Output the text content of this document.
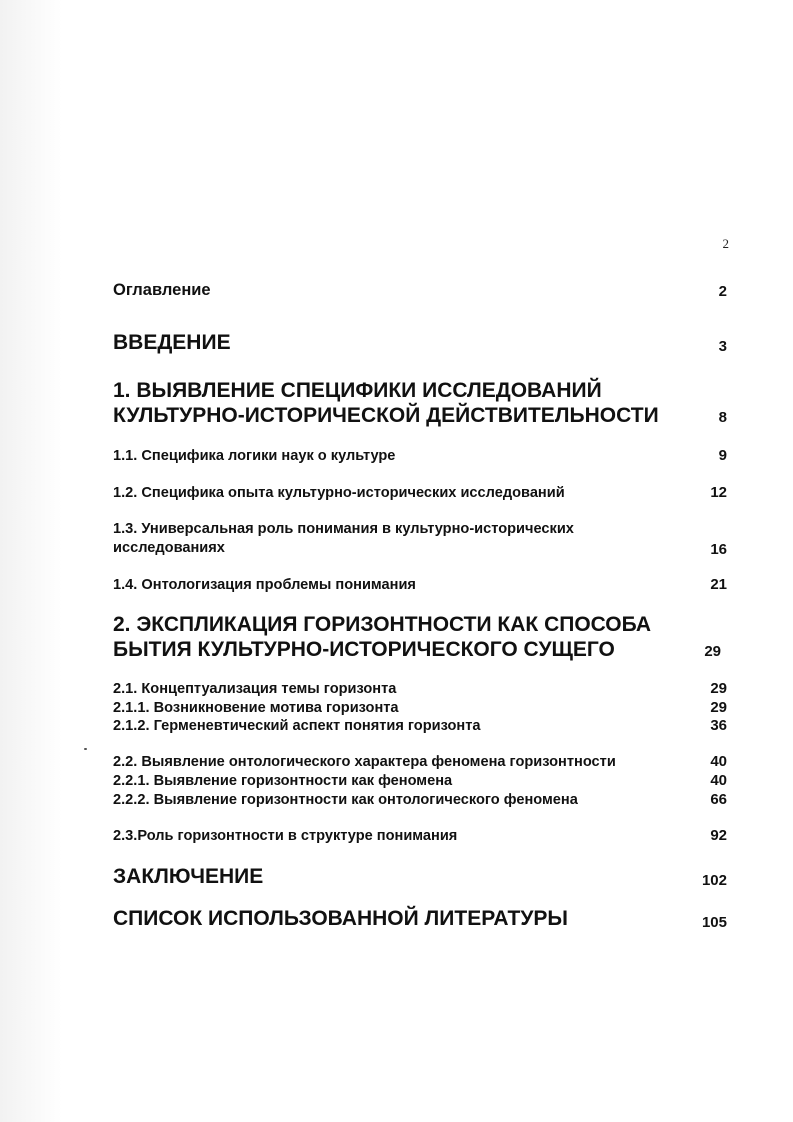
2
Оглавление	2
ВВЕДЕНИЕ	3
1. ВЫЯВЛЕНИЕ СПЕЦИФИКИ ИССЛЕДОВАНИЙ
КУЛЬТУРНО-ИСТОРИЧЕСКОЙ ДЕЙСТВИТЕЛЬНОСТИ	8
1.1. Специфика логики наук о культуре	9
1.2. Специфика опыта культурно-исторических исследований	12
1.3. Универсальная роль понимания в культурно-исторических
исследованиях	16
1.4. Онтологизация проблемы понимания	21
2. ЭКСПЛИКАЦИЯ ГОРИЗОНТНОСТИ КАК СПОСОБА
БЫТИЯ КУЛЬТУРНО-ИСТОРИЧЕСКОГО СУЩЕГО	29
2.1. Концептуализация темы горизонта	29
2.1.1. Возникновение мотива горизонта	29
2.1.2. Герменевтический аспект понятия горизонта	36
2.2. Выявление онтологического характера феномена горизонтности	40
2.2.1. Выявление горизонтности как феномена	40
2.2.2. Выявление горизонтности как онтологического феномена	66
2.3.Роль горизонтности в структуре понимания	92
ЗАКЛЮЧЕНИЕ	102
СПИСОК ИСПОЛЬЗОВАННОЙ ЛИТЕРАТУРЫ	105
